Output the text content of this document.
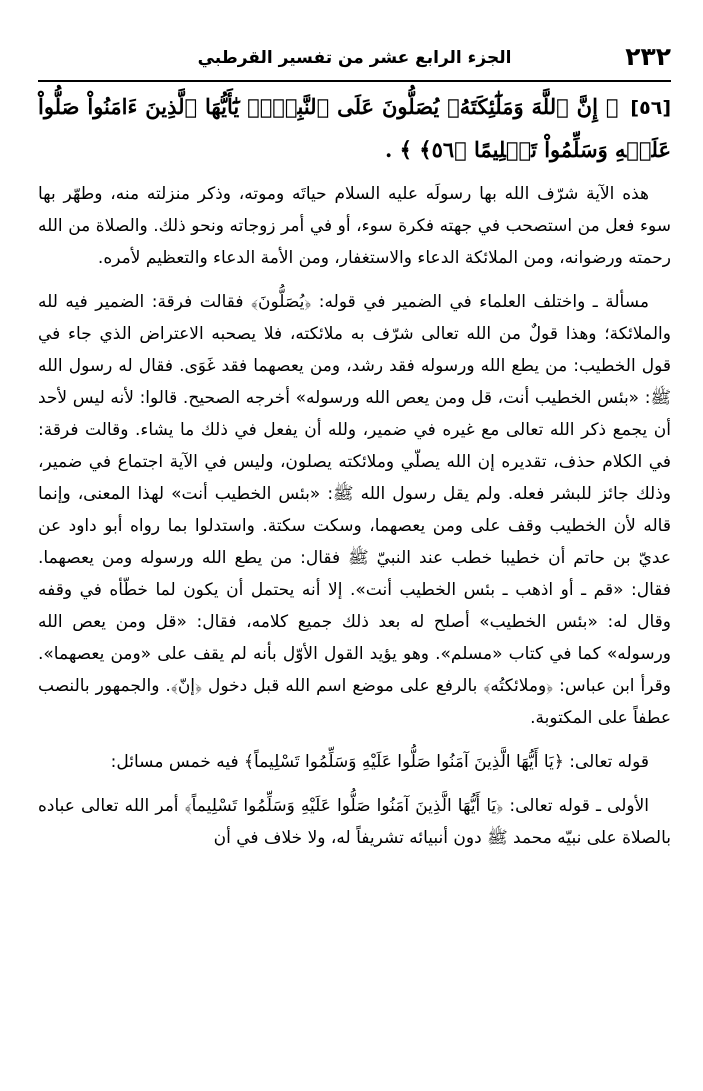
٢٣٢
الجزء الرابع عشر من تفسير القرطبي
[٥٦]﴿ إِنَّ ٱللَّهَ وَمَلَٰٓئِكَتَهُۥ يُصَلُّونَ عَلَى ٱلنَّبِيِّۚ يَٰٓأَيُّهَا ٱلَّذِينَ ءَامَنُواْ صَلُّواْ عَلَيۡهِ وَسَلِّمُواْ تَسۡلِيمًا ﴿٥٦﴾ ﴾ .

هذه الآية شرّف الله بها رسولَه عليه السلام حياتَه وموته، وذكر منزلته منه، وطهّر بها سوء فعل من استصحب في جهته فكرة سوء، أو في أمر زوجاته ونحو ذلك. والصلاة من الله رحمته ورضوانه، ومن الملائكة الدعاء والاستغفار، ومن الأمة الدعاء والتعظيم لأمره.

مسألة ـ واختلف العلماء في الضمير في قوله: ﴿يُصَلُّونَ﴾ فقالت فرقة: الضمير فيه لله والملائكة؛ وهذا قولٌ من الله تعالى شرّف به ملائكته، فلا يصحبه الاعتراض الذي جاء في قول الخطيب: من يطع الله ورسوله فقد رشد، ومن يعصهما فقد غَوَى. فقال له رسول الله ﷺ: «بئس الخطيب أنت، قل ومن يعص الله ورسوله» أخرجه الصحيح. قالوا: لأنه ليس لأحد أن يجمع ذكر الله تعالى مع غيره في ضمير، ولله أن يفعل في ذلك ما يشاء. وقالت فرقة: في الكلام حذف، تقديره إن الله يصلّي وملائكته يصلون، وليس في الآية اجتماع في ضمير، وذلك جائز للبشر فعله. ولم يقل رسول الله ﷺ: «بئس الخطيب أنت» لهذا المعنى، وإنما قاله لأن الخطيب وقف على ومن يعصهما، وسكت سكتة. واستدلوا بما رواه أبو داود عن عديّ بن حاتم أن خطيبا خطب عند النبيّ ﷺ فقال: من يطع الله ورسوله ومن يعصهما. فقال: «قم ـ أو اذهب ـ بئس الخطيب أنت». إلا أنه يحتمل أن يكون لما خطّأه في وقفه وقال له: «بئس الخطيب» أصلح له بعد ذلك جميع كلامه، فقال: «قل ومن يعص الله ورسوله» كما في كتاب «مسلم». وهو يؤيد القول الأوّل بأنه لم يقف على «ومن يعصهما». وقرأ ابن عباس: ﴿وملائكتُه﴾ بالرفع على موضع اسم الله قبل دخول ﴿إنّ﴾. والجمهور بالنصب عطفاً على المكتوبة.

قوله تعالى: ﴿يَا أَيُّهَا الَّذِينَ آمَنُوا صَلُّوا عَلَيْهِ وَسَلِّمُوا تَسْلِيماً﴾ فيه خمس مسائل:

الأولى ـ قوله تعالى: ﴿يَا أَيُّهَا الَّذِينَ آمَنُوا صَلُّوا عَلَيْهِ وَسَلِّمُوا تَسْلِيماً﴾ أمر الله تعالى عباده بالصلاة على نبيّه محمد ﷺ دون أنبيائه تشريفاً له، ولا خلاف في أن
